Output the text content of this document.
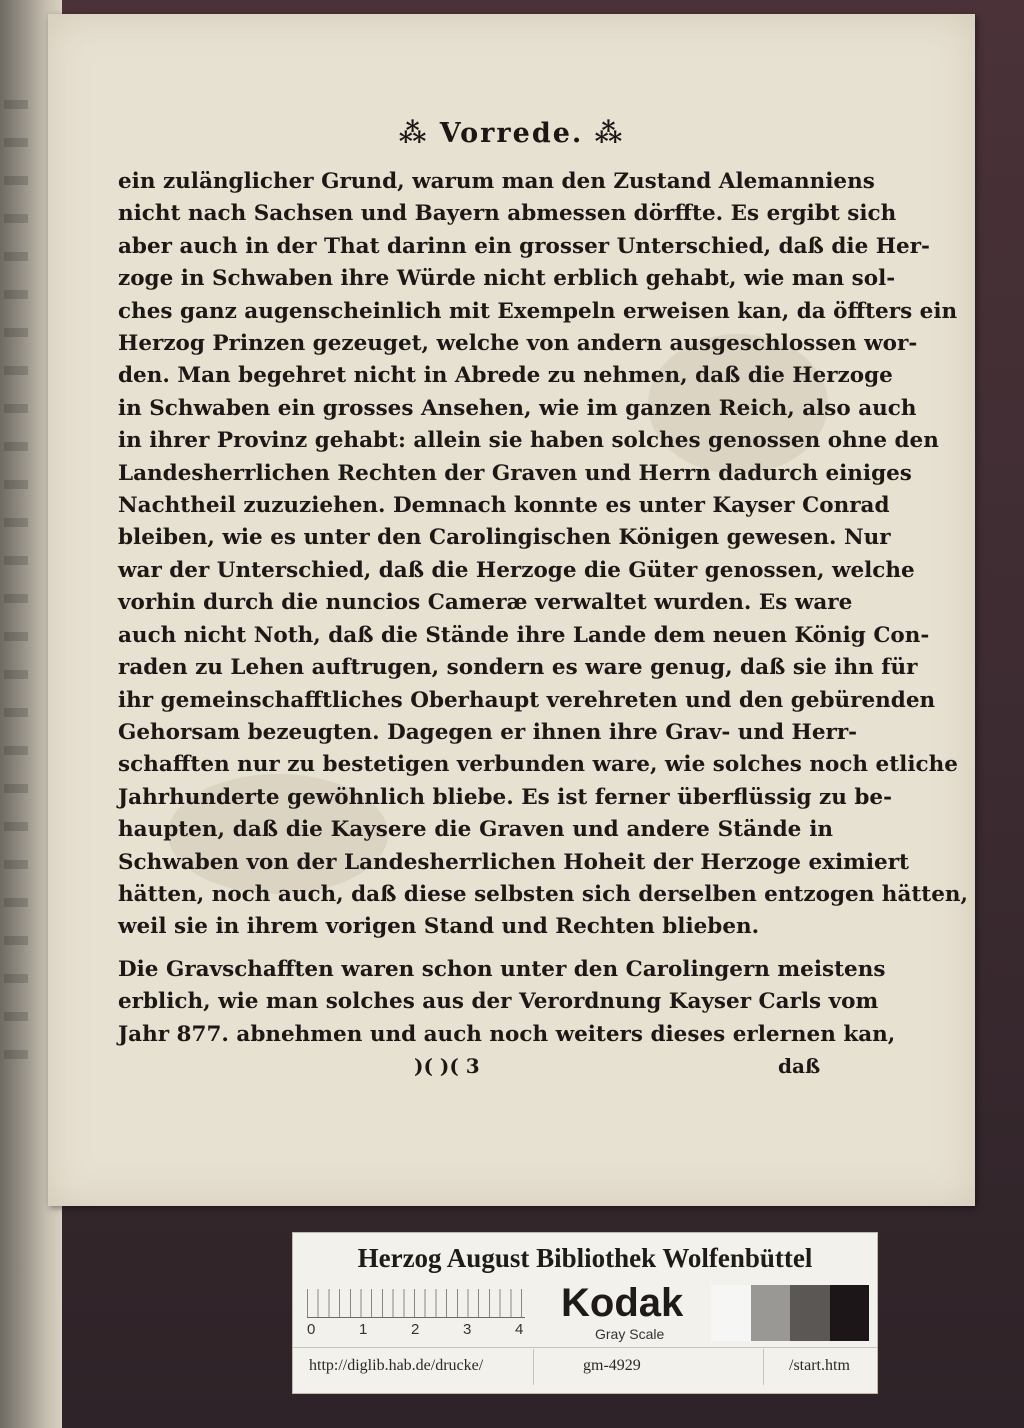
⁂ Vorrede. ⁂
ein zulänglicher Grund, warum man den Zustand Alemanniens
nicht nach Sachsen und Bayern abmessen dörffte. Es ergibt sich
aber auch in der That darinn ein grosser Unterschied, daß die Her-
zoge in Schwaben ihre Würde nicht erblich gehabt, wie man sol-
ches ganz augenscheinlich mit Exempeln erweisen kan, da öffters ein
Herzog Prinzen gezeuget, welche von andern ausgeschlossen wor-
den. Man begehret nicht in Abrede zu nehmen, daß die Herzoge
in Schwaben ein grosses Ansehen, wie im ganzen Reich, also auch
in ihrer Provinz gehabt: allein sie haben solches genossen ohne den
Landesherrlichen Rechten der Graven und Herrn dadurch einiges
Nachtheil zuzuziehen. Demnach konnte es unter Kayser Conrad
bleiben, wie es unter den Carolingischen Königen gewesen. Nur
war der Unterschied, daß die Herzoge die Güter genossen, welche
vorhin durch die nuncios Cameræ verwaltet wurden. Es ware
auch nicht Noth, daß die Stände ihre Lande dem neuen König Con-
raden zu Lehen auftrugen, sondern es ware genug, daß sie ihn für
ihr gemeinschafftliches Oberhaupt verehreten und den gebürenden
Gehorsam bezeugten. Dagegen er ihnen ihre Grav- und Herr-
schafften nur zu bestetigen verbunden ware, wie solches noch etliche
Jahrhunderte gewöhnlich bliebe. Es ist ferner überflüssig zu be-
haupten, daß die Kaysere die Graven und andere Stände in
Schwaben von der Landesherrlichen Hoheit der Herzoge eximiert
hätten, noch auch, daß diese selbsten sich derselben entzogen hätten,
weil sie in ihrem vorigen Stand und Rechten blieben.
Die Gravschafften waren schon unter den Carolingern meistens
erblich, wie man solches aus der Verordnung Kayser Carls vom
Jahr 877. abnehmen und auch noch weiters dieses erlernen kan,
)( )( 3	daß
Herzog August Bibliothek Wolfenbüttel
0	1	2	3	4
Kodak
Gray Scale
http://diglib.hab.de/drucke/	gm-4929	/start.htm
